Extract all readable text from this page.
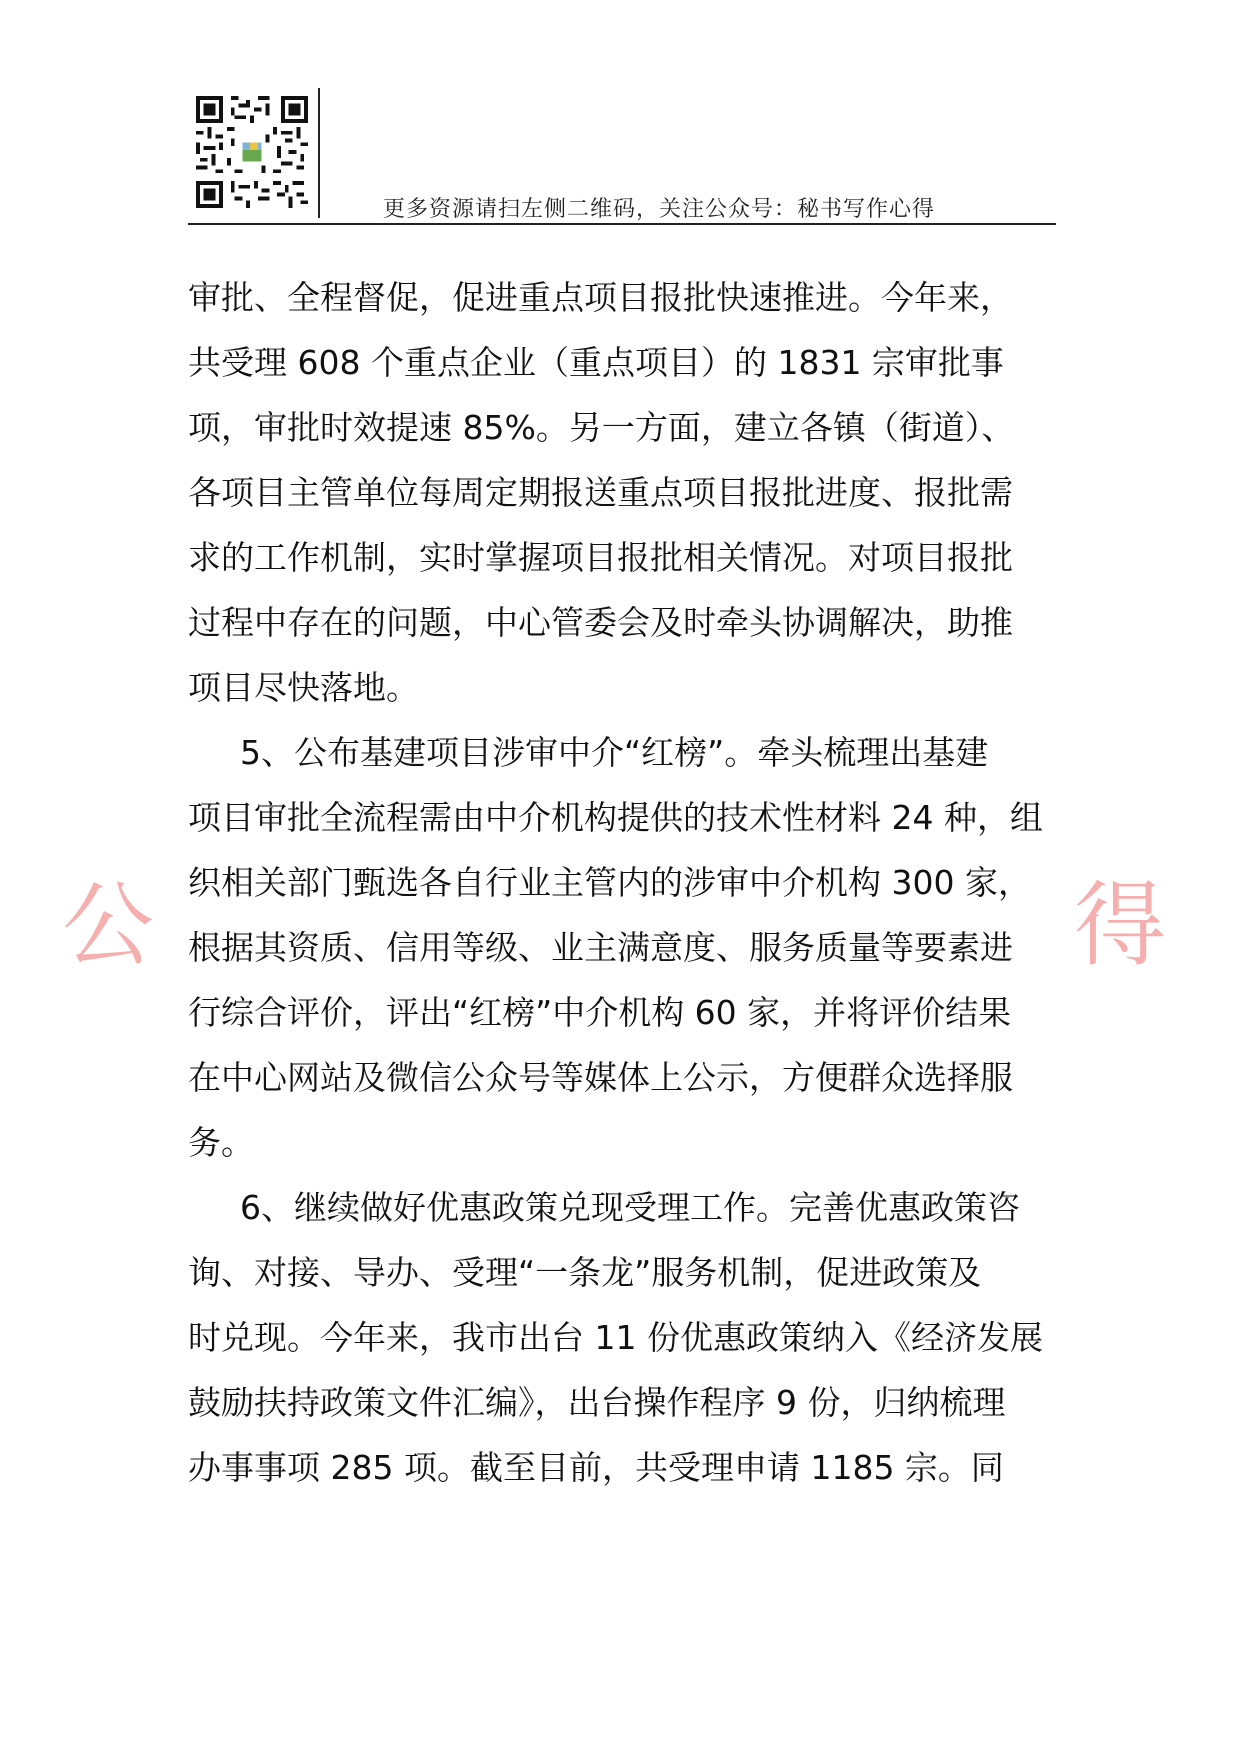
更多资源请扫左侧二维码，关注公众号：秘书写作心得
公	得

审批、全程督促，促进重点项目报批快速推进。今年来，
共受理 608 个重点企业（重点项目）的 1831 宗审批事
项，审批时效提速 85%。另一方面，建立各镇（街道）、
各项目主管单位每周定期报送重点项目报批进度、报批需
求的工作机制，实时掌握项目报批相关情况。对项目报批
过程中存在的问题，中心管委会及时牵头协调解决，助推
项目尽快落地。

5、公布基建项目涉审中介“红榜”。牵头梳理出基建
项目审批全流程需由中介机构提供的技术性材料 24 种，组
织相关部门甄选各自行业主管内的涉审中介机构 300 家，
根据其资质、信用等级、业主满意度、服务质量等要素进
行综合评价，评出“红榜”中介机构 60 家，并将评价结果
在中心网站及微信公众号等媒体上公示，方便群众选择服
务。

6、继续做好优惠政策兑现受理工作。完善优惠政策咨
询、对接、导办、受理“一条龙”服务机制，促进政策及
时兑现。今年来，我市出台 11 份优惠政策纳入《经济发展
鼓励扶持政策文件汇编》，出台操作程序 9 份，归纳梳理
办事事项 285 项。截至目前，共受理申请 1185 宗。同
